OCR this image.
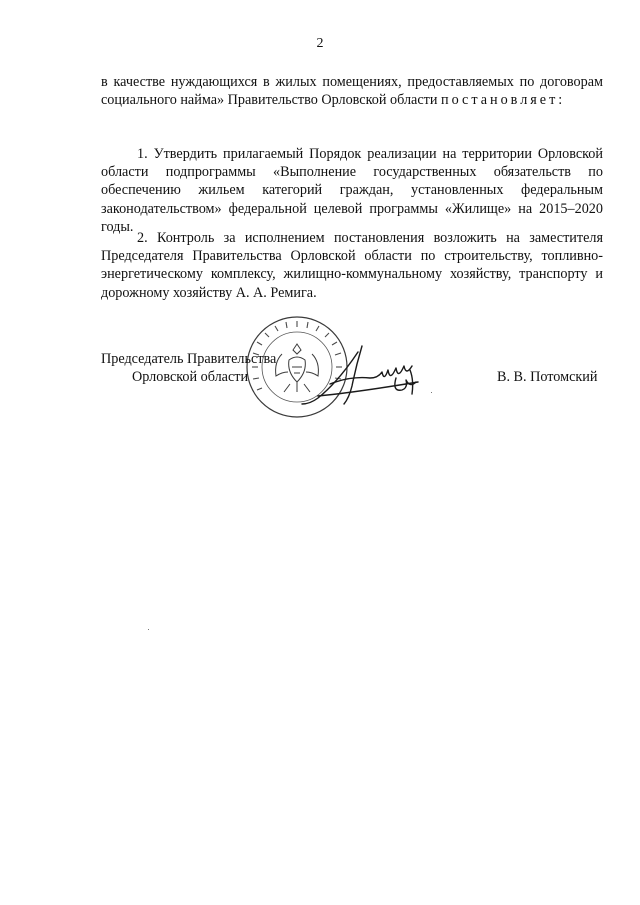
2

в качестве нуждающихся в жилых помещениях, предоставляемых по договорам социального найма» Правительство Орловской области постановляет:

1. Утвердить прилагаемый Порядок реализации на территории Орловской области подпрограммы «Выполнение государственных обязательств по обеспечению жильем категорий граждан, установленных федеральным законодательством» федеральной целевой программы «Жилище» на 2015–2020 годы.

2. Контроль за исполнением постановления возложить на заместителя Председателя Правительства Орловской области по строительству, топливно-энергетическому комплексу, жилищно-коммунальному хозяйству, транспорту и дорожному хозяйству А. А. Ремига.

Председатель Правительства
Орловской области	В. В. Потомский
